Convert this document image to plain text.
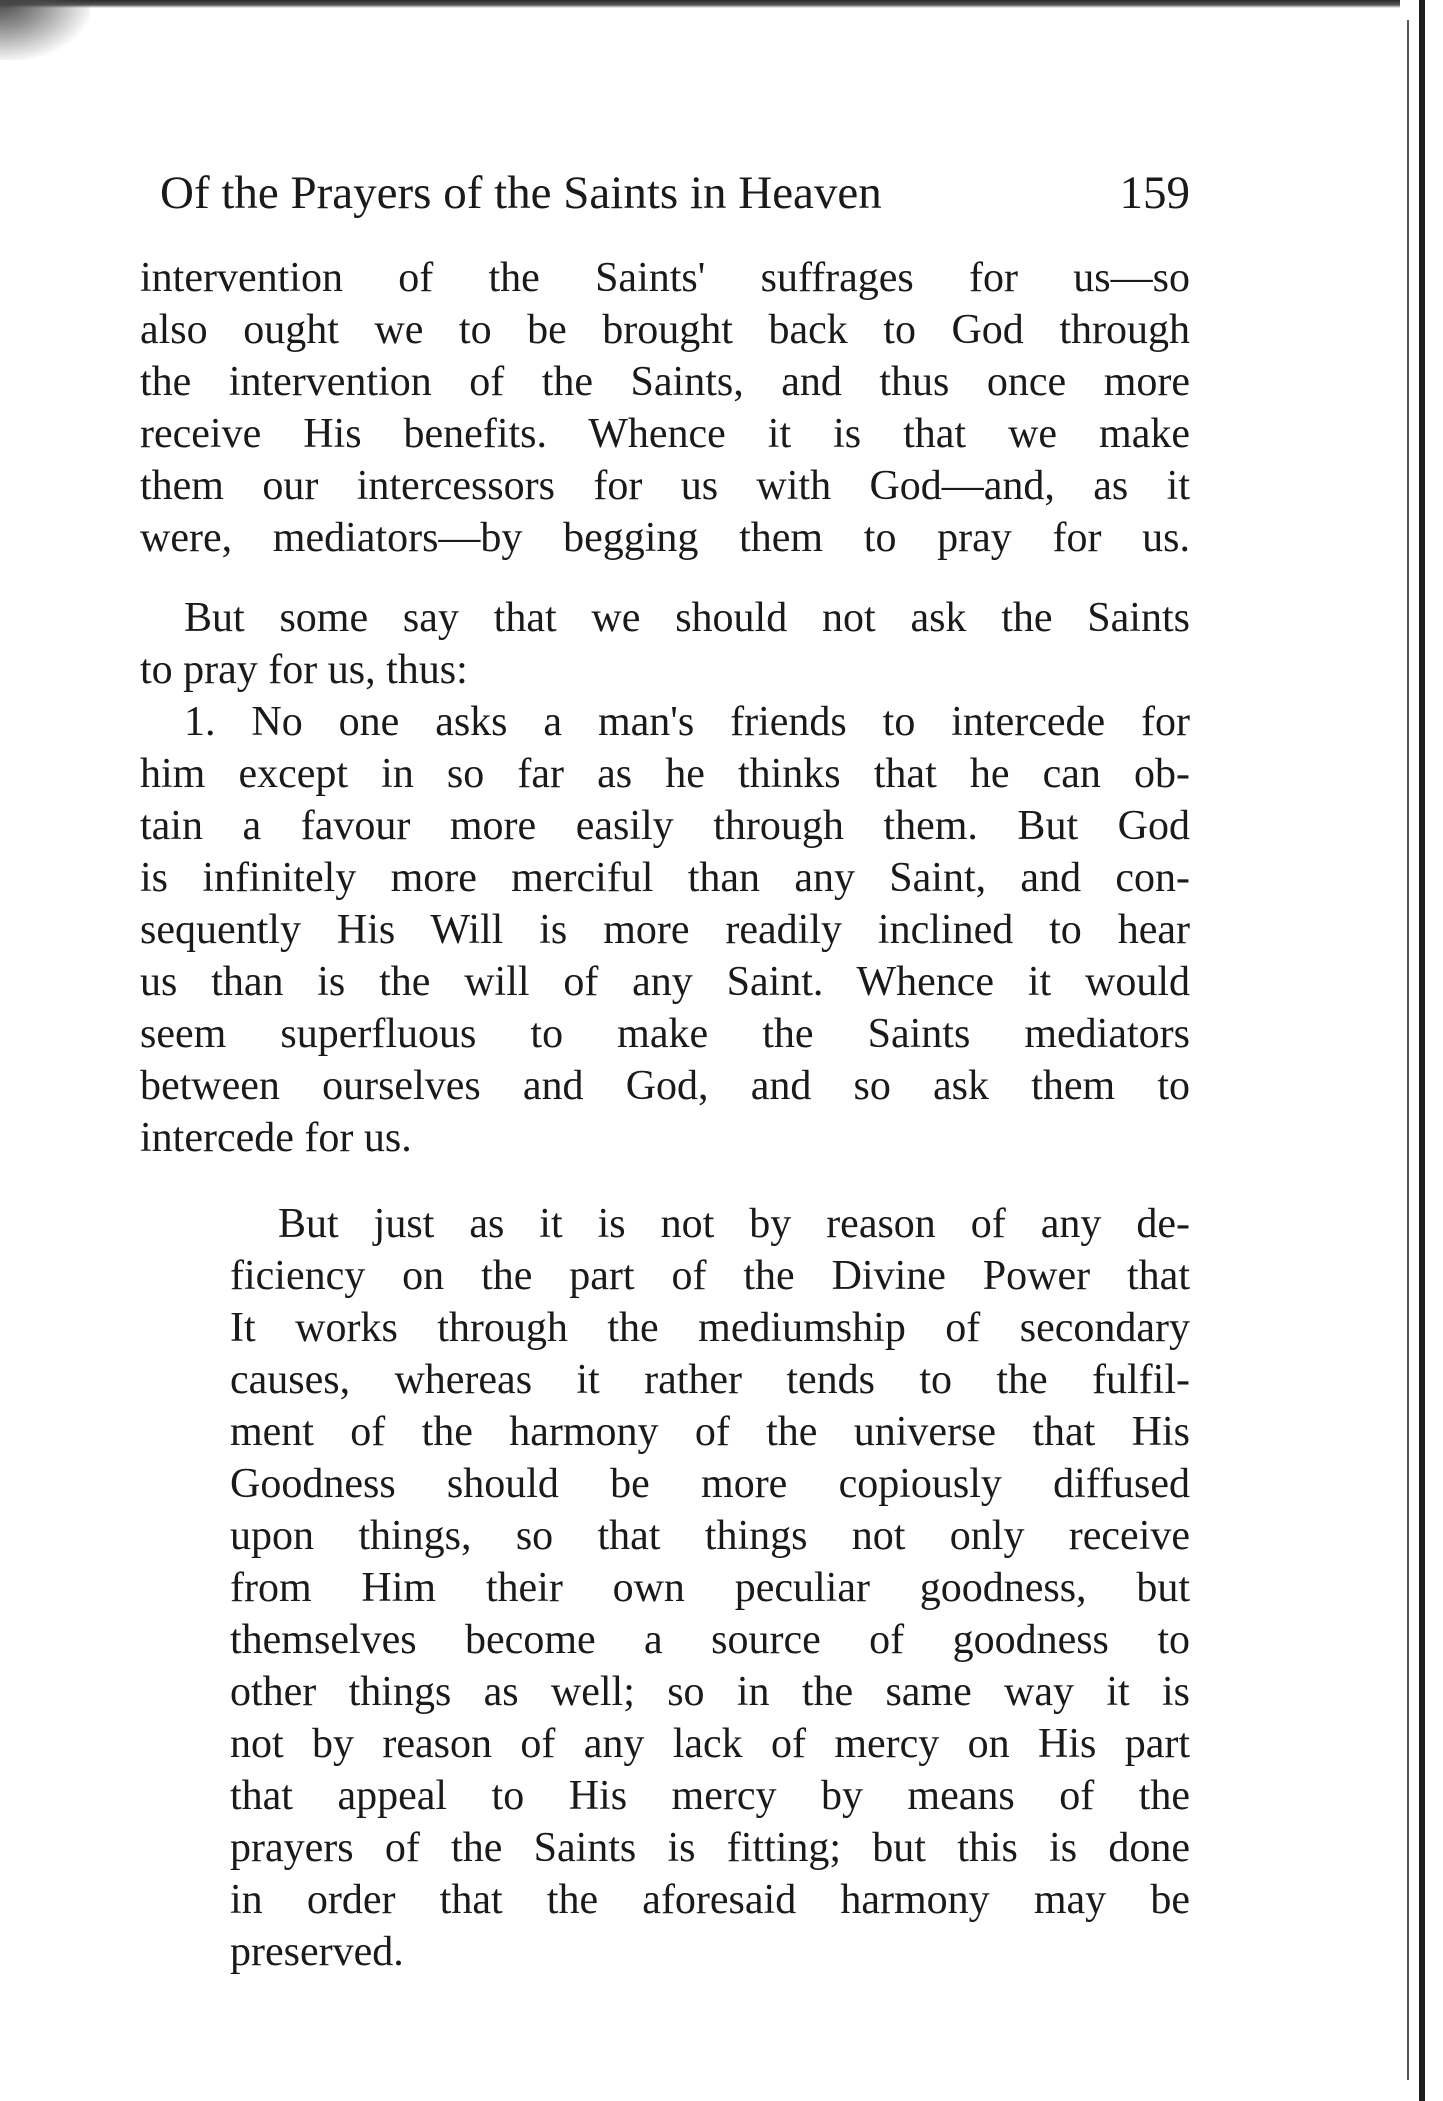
Of the Prayers of the Saints in Heaven	159
intervention of the Saints' suffrages for us—so
also ought we to be brought back to God through
the intervention of the Saints, and thus once more
receive His benefits. Whence it is that we make
them our intercessors for us with God—and, as it
were, mediators—by begging them to pray for us.
But some say that we should not ask the Saints
to pray for us, thus:
1. No one asks a man's friends to intercede for
him except in so far as he thinks that he can ob-
tain a favour more easily through them. But God
is infinitely more merciful than any Saint, and con-
sequently His Will is more readily inclined to hear
us than is the will of any Saint. Whence it would
seem superfluous to make the Saints mediators
between ourselves and God, and so ask them to
intercede for us.
But just as it is not by reason of any de-
ficiency on the part of the Divine Power that
It works through the mediumship of secondary
causes, whereas it rather tends to the fulfil-
ment of the harmony of the universe that His
Goodness should be more copiously diffused
upon things, so that things not only receive
from Him their own peculiar goodness, but
themselves become a source of goodness to
other things as well; so in the same way it is
not by reason of any lack of mercy on His part
that appeal to His mercy by means of the
prayers of the Saints is fitting; but this is done
in order that the aforesaid harmony may be
preserved.
